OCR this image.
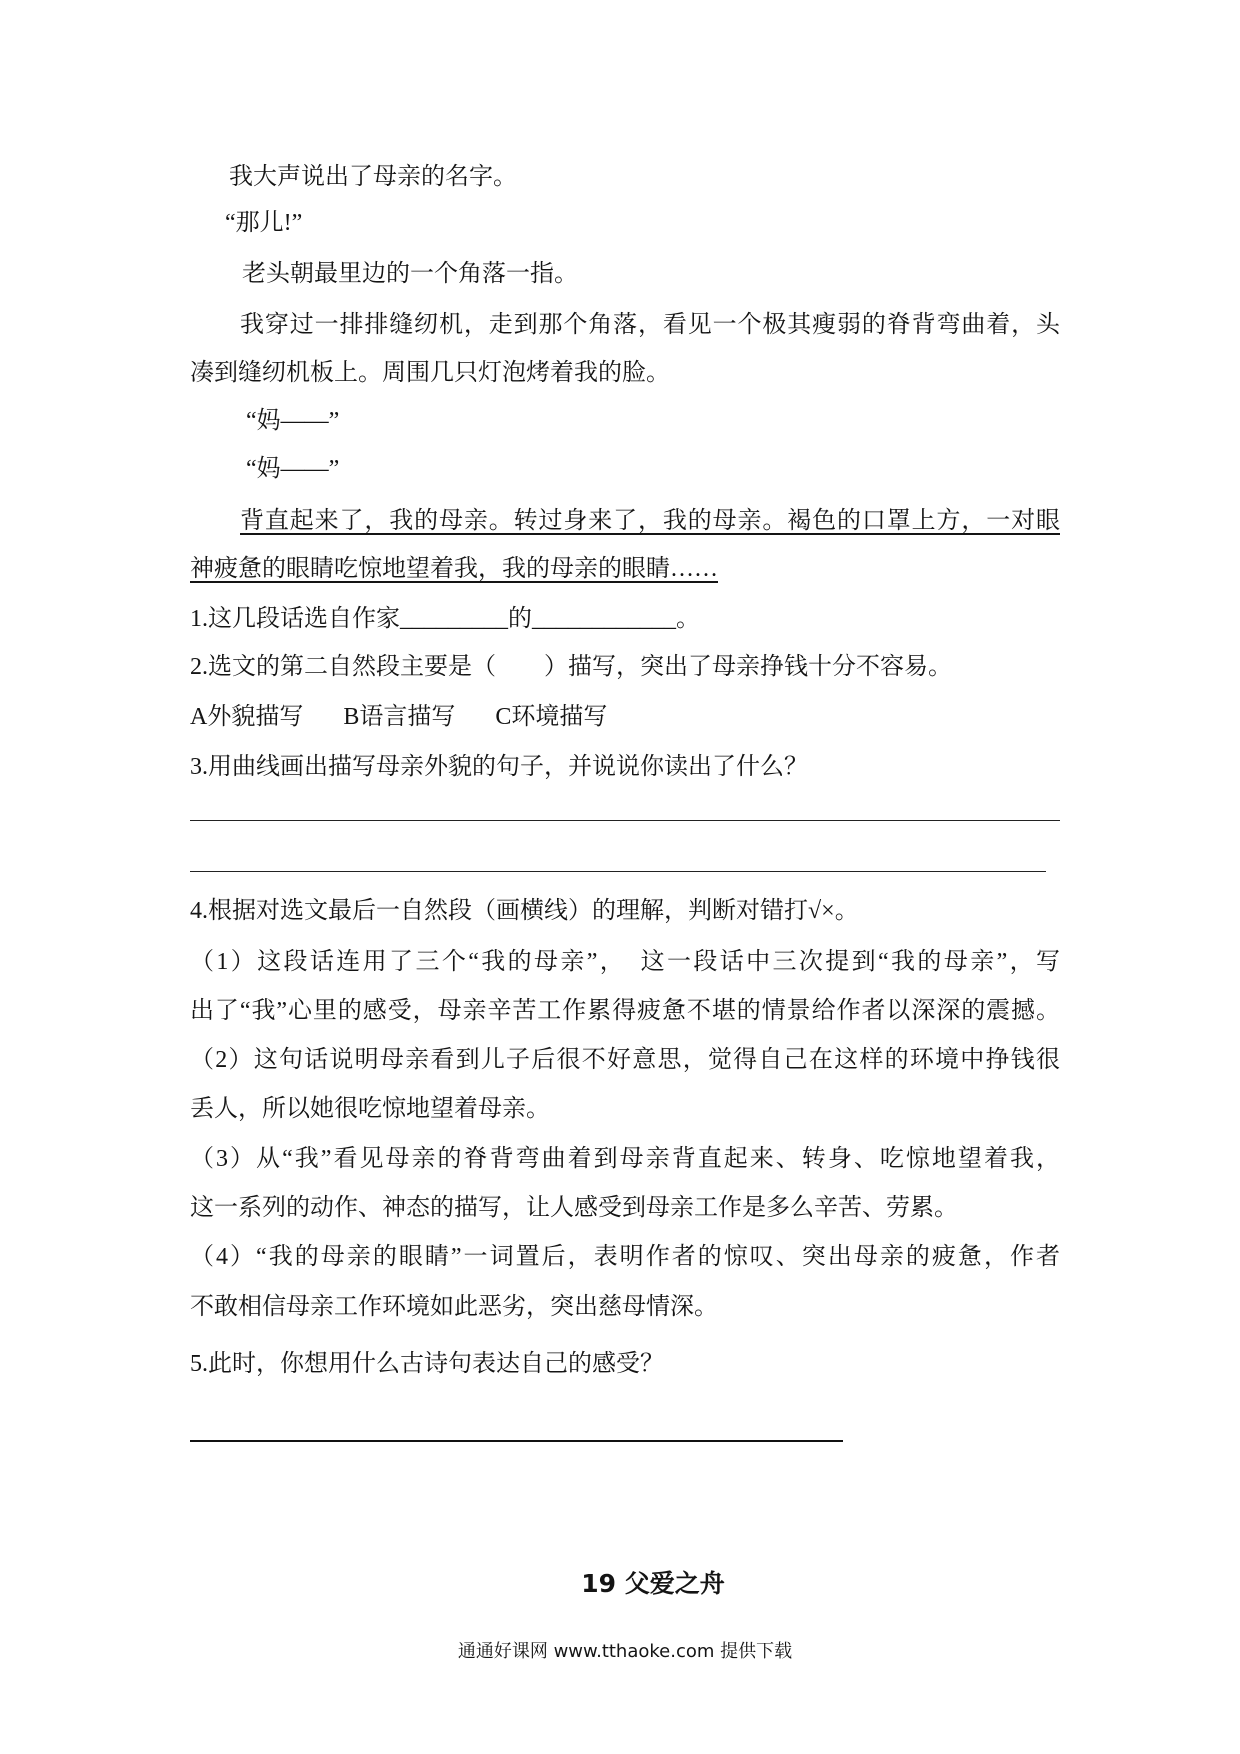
我大声说出了母亲的名字。
“那儿!”
老头朝最里边的一个角落一指。
我穿过一排排缝纫机，走到那个角落，看见一个极其瘦弱的脊背弯曲着，头
凑到缝纫机板上。周围几只灯泡烤着我的脸。
“妈——”
“妈——”
背直起来了，我的母亲。转过身来了，我的母亲。褐色的口罩上方，一对眼
神疲惫的眼睛吃惊地望着我，我的母亲的眼睛……
1.这几段话选自作家_________的____________。
2.选文的第二自然段主要是（　　）描写，突出了母亲挣钱十分不容易。
A外貌描写 B语言描写 C环境描写
3.用曲线画出描写母亲外貌的句子，并说说你读出了什么？
4.根据对选文最后一自然段（画横线）的理解，判断对错打√×。
（1）这段话连用了三个“我的母亲”，　这一段话中三次提到“我的母亲”，写
出了“我”心里的感受，母亲辛苦工作累得疲惫不堪的情景给作者以深深的震撼。
（2）这句话说明母亲看到儿子后很不好意思，觉得自己在这样的环境中挣钱很
丢人，所以她很吃惊地望着母亲。
（3）从“我”看见母亲的脊背弯曲着到母亲背直起来、转身、吃惊地望着我，
这一系列的动作、神态的描写，让人感受到母亲工作是多么辛苦、劳累。
（4）“我的母亲的眼睛”一词置后，表明作者的惊叹、突出母亲的疲惫，作者
不敢相信母亲工作环境如此恶劣，突出慈母情深。
5.此时，你想用什么古诗句表达自己的感受？
19 父爱之舟
通通好课网 www.tthaoke.com 提供下载
